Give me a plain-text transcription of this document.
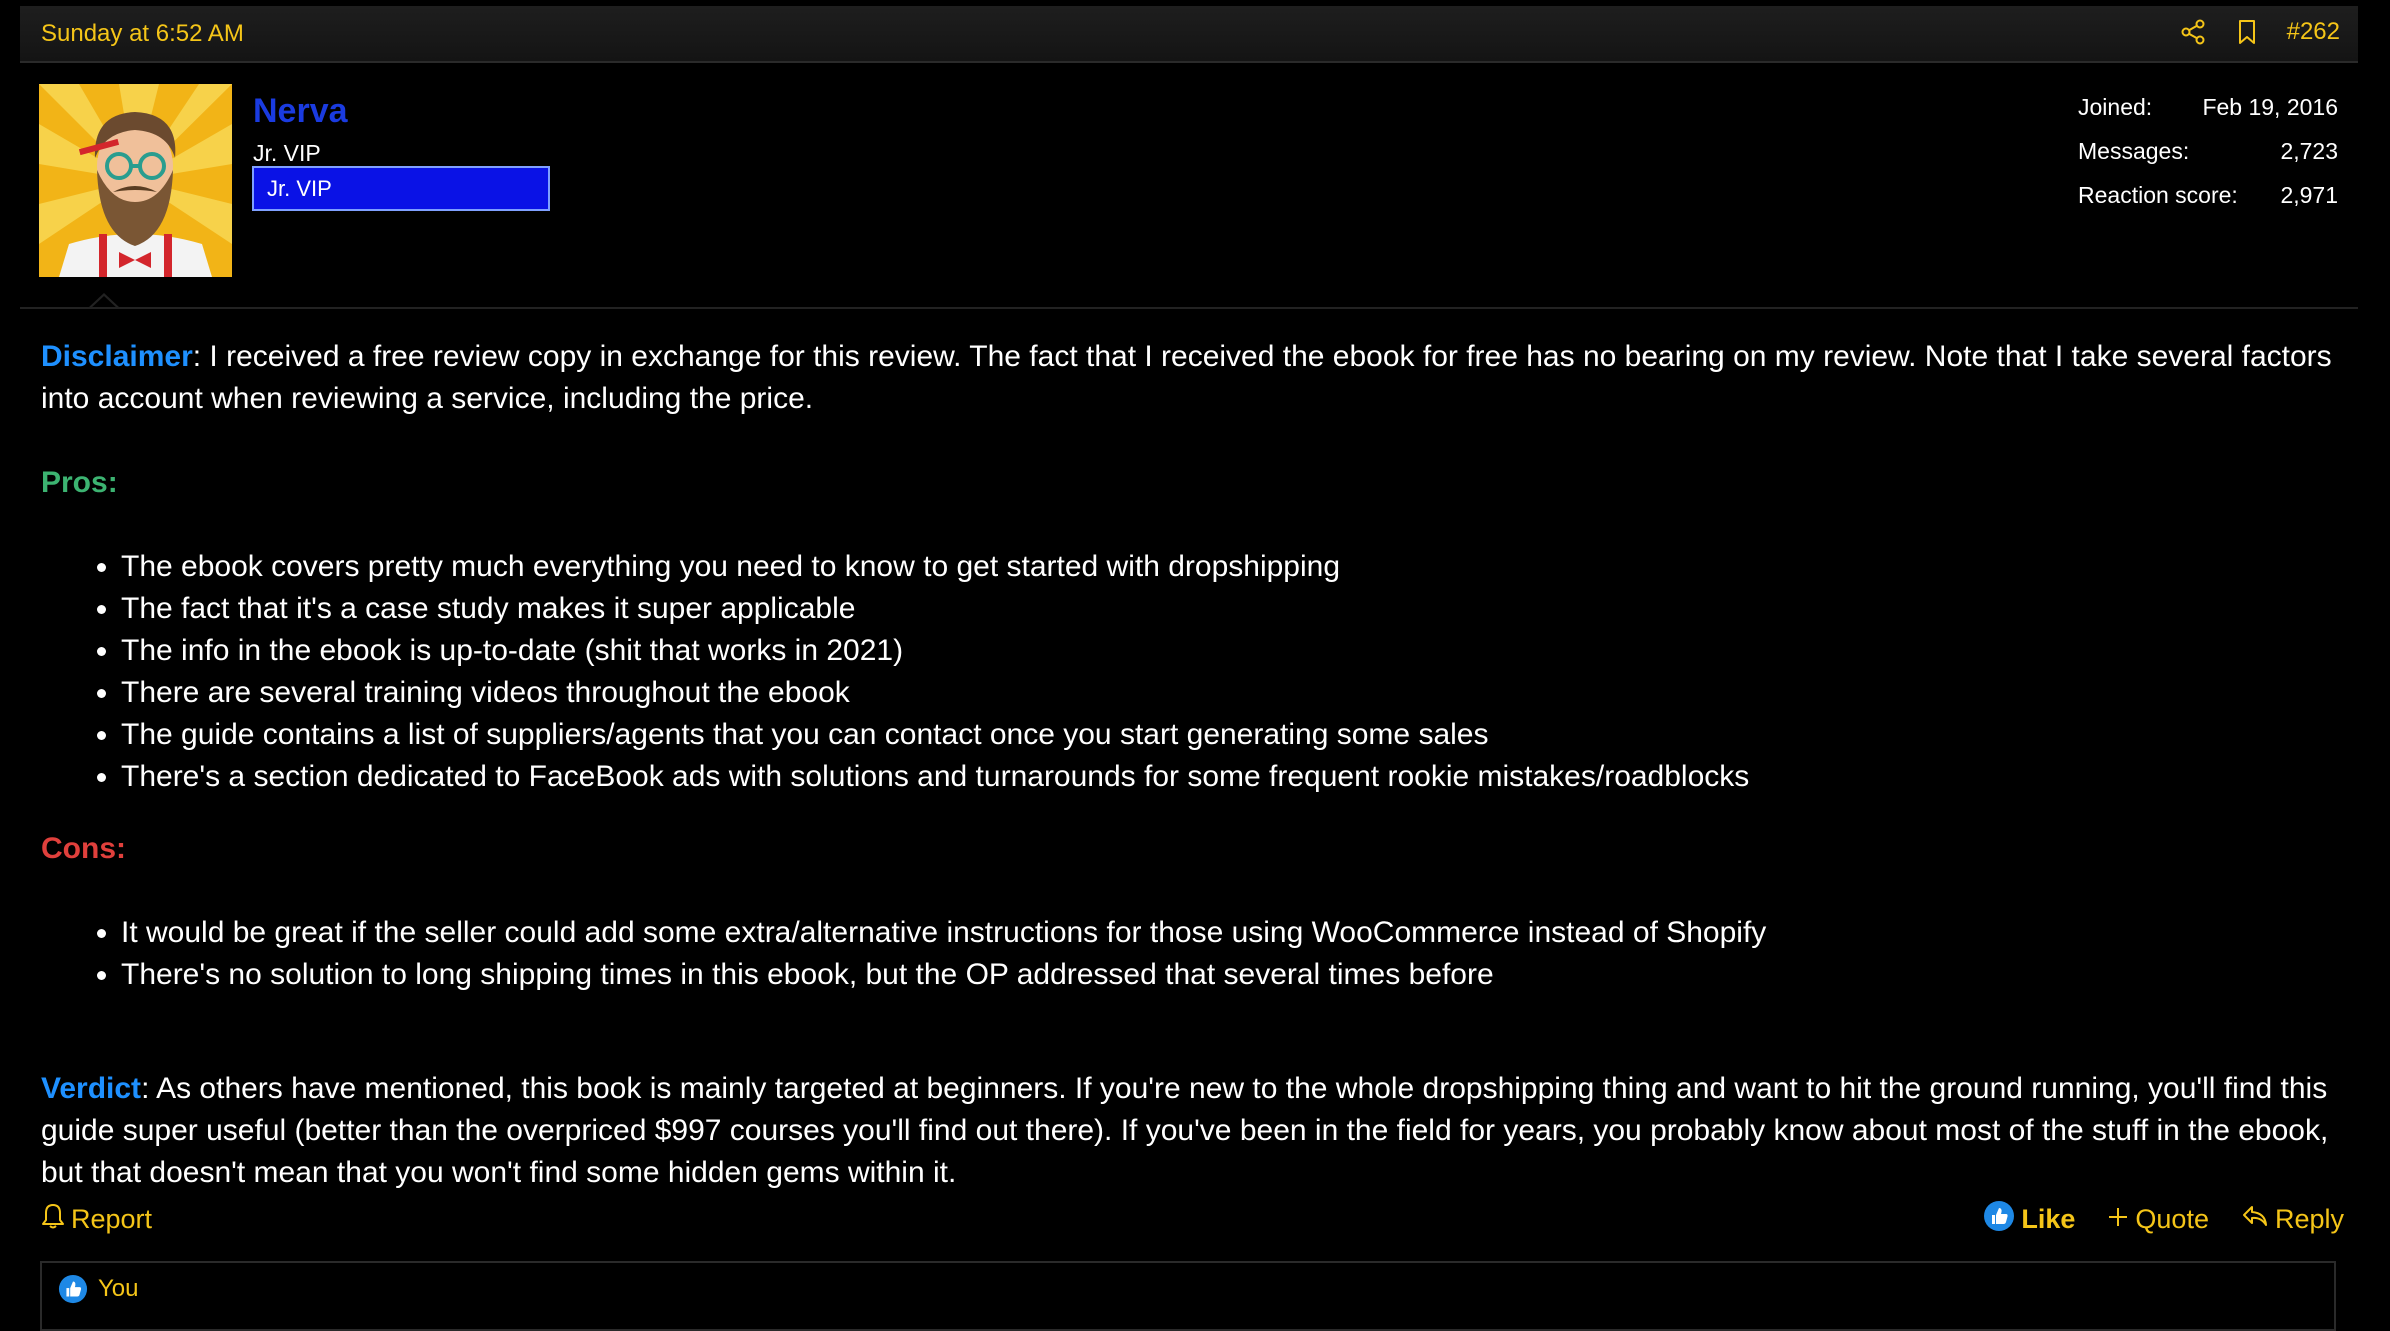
Sunday at 6:52 AM	#262
Nerva
Jr. VIP
Jr. VIP
Joined: Feb 19, 2016
Messages:	2,723
Reaction score: 2,971

Disclaimer: I received a free review copy in exchange for this review. The fact that I received the ebook for free has no bearing on my review. Note that I take several factors into account when reviewing a service, including the price.

Pros:

• The ebook covers pretty much everything you need to know to get started with dropshipping
• The fact that it's a case study makes it super applicable
• The info in the ebook is up-to-date (shit that works in 2021)
• There are several training videos throughout the ebook
• The guide contains a list of suppliers/agents that you can contact once you start generating some sales
• There's a section dedicated to FaceBook ads with solutions and turnarounds for some frequent rookie mistakes/roadblocks

Cons:

• It would be great if the seller could add some extra/alternative instructions for those using WooCommerce instead of Shopify
• There's no solution to long shipping times in this ebook, but the OP addressed that several times before

Verdict: As others have mentioned, this book is mainly targeted at beginners. If you're new to the whole dropshipping thing and want to hit the ground running, you'll find this guide super useful (better than the overpriced $997 courses you'll find out there). If you've been in the field for years, you probably know about most of the stuff in the ebook, but that doesn't mean that you won't find some hidden gems within it.

Report	Like Quote Reply
You
